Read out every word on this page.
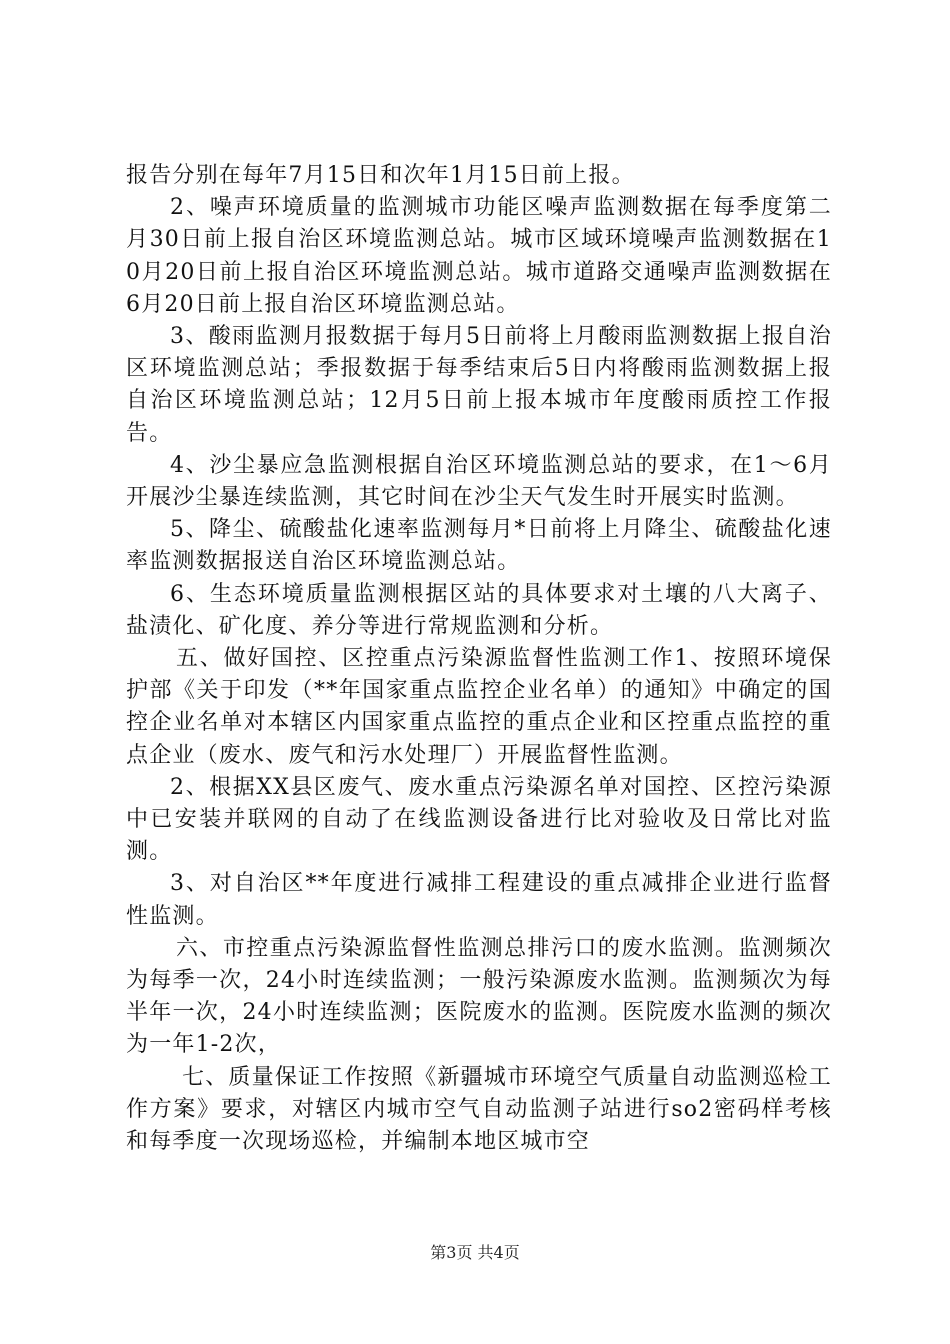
报告分别在每年7月15日和次年1月15日前上报。

2、噪声环境质量的监测城市功能区噪声监测数据在每季度第二月30日前上报自治区环境监测总站。城市区域环境噪声监测数据在10月20日前上报自治区环境监测总站。城市道路交通噪声监测数据在6月20日前上报自治区环境监测总站。

3、酸雨监测月报数据于每月5日前将上月酸雨监测数据上报自治区环境监测总站；季报数据于每季结束后5日内将酸雨监测数据上报自治区环境监测总站；12月5日前上报本城市年度酸雨质控工作报告。

4、沙尘暴应急监测根据自治区环境监测总站的要求，在1～6月开展沙尘暴连续监测，其它时间在沙尘天气发生时开展实时监测。

5、降尘、硫酸盐化速率监测每月*日前将上月降尘、硫酸盐化速率监测数据报送自治区环境监测总站。

6、生态环境质量监测根据区站的具体要求对土壤的八大离子、盐渍化、矿化度、养分等进行常规监测和分析。

五、做好国控、区控重点污染源监督性监测工作1、按照环境保护部《关于印发（**年国家重点监控企业名单）的通知》中确定的国控企业名单对本辖区内国家重点监控的重点企业和区控重点监控的重点企业（废水、废气和污水处理厂）开展监督性监测。

2、根据XX县区废气、废水重点污染源名单对国控、区控污染源中已安装并联网的自动了在线监测设备进行比对验收及日常比对监测。

3、对自治区**年度进行减排工程建设的重点减排企业进行监督性监测。

六、市控重点污染源监督性监测总排污口的废水监测。监测频次为每季一次，24小时连续监测；一般污染源废水监测。监测频次为每半年一次，24小时连续监测；医院废水的监测。医院废水监测的频次为一年1-2次，

七、质量保证工作按照《新疆城市环境空气质量自动监测巡检工作方案》要求，对辖区内城市空气自动监测子站进行so2密码样考核和每季度一次现场巡检，并编制本地区城市空

第3页 共4页
